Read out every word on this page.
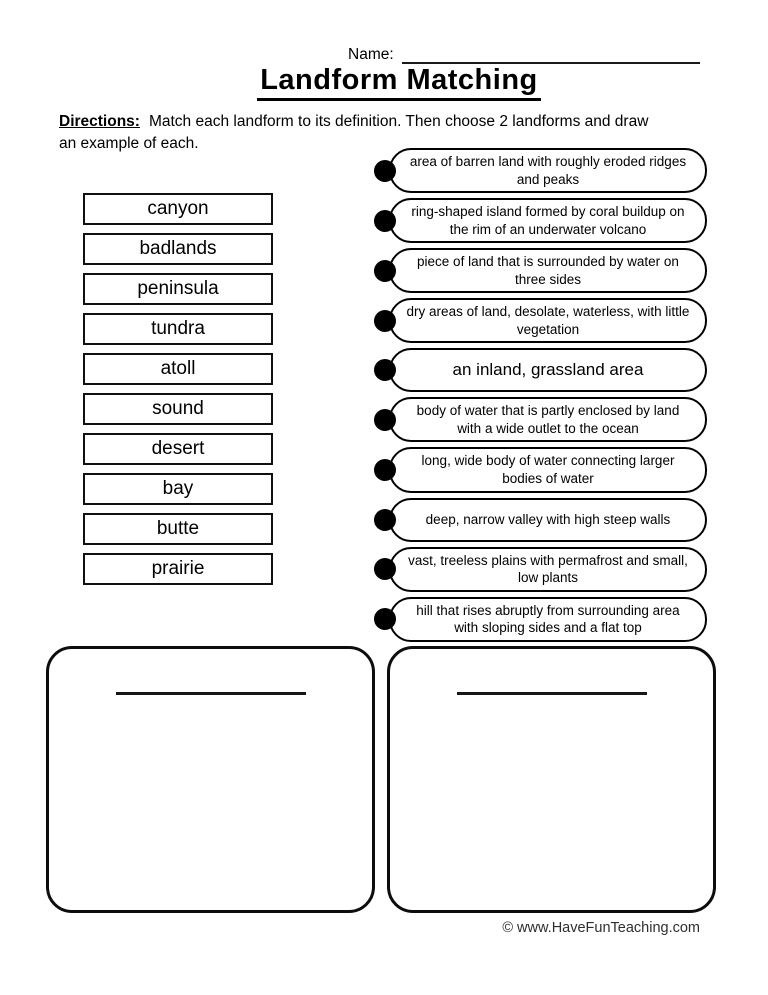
Name:
Landform Matching

Directions: Match each landform to its definition. Then choose 2 landforms and draw
an example of each.

canyon
badlands
peninsula
tundra
atoll
sound
desert
bay
butte
prairie
area of barren land with roughly eroded ridges and peaks
ring-shaped island formed by coral buildup on the rim of an underwater volcano
piece of land that is surrounded by water on three sides
dry areas of land, desolate, waterless, with little vegetation
an inland, grassland area
body of water that is partly enclosed by land with a wide outlet to the ocean
long, wide body of water connecting larger bodies of water
deep, narrow valley with high steep walls
vast, treeless plains with permafrost and small, low plants
hill that rises abruptly from surrounding area with sloping sides and a flat top
© www.HaveFunTeaching.com
